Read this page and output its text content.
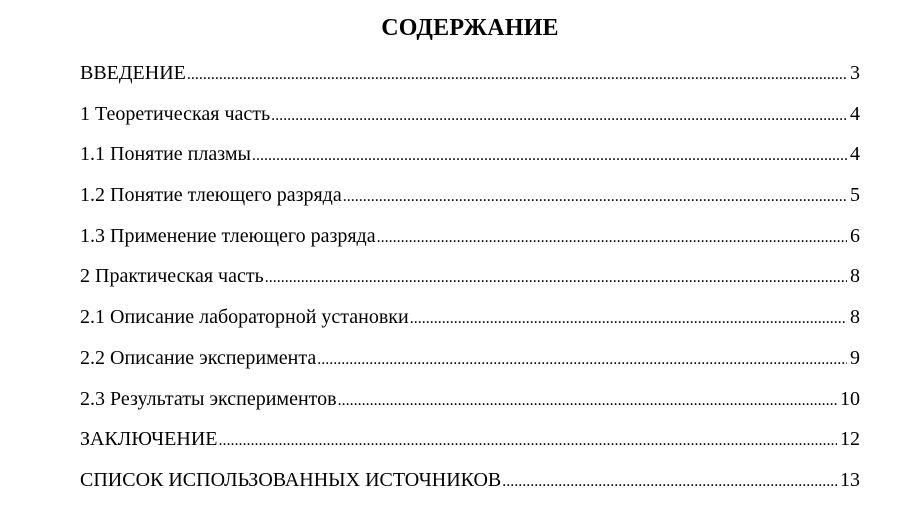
СОДЕРЖАНИЕ
ВВЕДЕНИЕ .....	3
1 Теоретическая часть .....	4
1.1 Понятие плазмы .....	4
1.2 Понятие тлеющего разряда .....	5
1.3 Применение тлеющего разряда .....	6
2 Практическая часть .....	8
2.1 Описание лабораторной установки .....	8
2.2 Описание эксперимента .....	9
2.3 Результаты экспериментов .....	10
ЗАКЛЮЧЕНИЕ .....	12
СПИСОК ИСПОЛЬЗОВАННЫХ ИСТОЧНИКОВ .....	13
